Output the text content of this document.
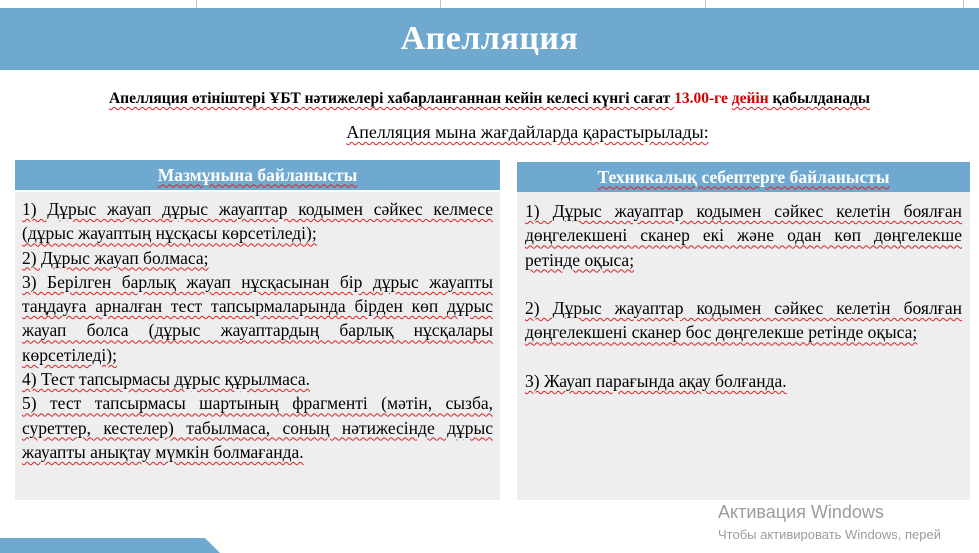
Апелляция
Апелляция өтініштері ҰБТ нәтижелері хабарланғаннан кейін келесі күнгі сағат 13.00-ге дейін қабылданады
Апелляция мына жағдайларда қарастырылады:
Мазмұнына байланысты

1) Дұрыс жауап дұрыс жауаптар кодымен сәйкес келмесе (дұрыс жауаптың нұсқасы көрсетіледі);

2) Дұрыс жауап болмаса;

3) Берілген барлық жауап нұсқасынан бір дұрыс жауапты таңдауға арналған тест тапсырмаларында бірден көп дұрыс жауап болса (дұрыс жауаптардың барлық нұсқалары көрсетіледі);

4) Тест тапсырмасы дұрыс құрылмаса.

5) тест тапсырмасы шартының фрагменті (мәтін, сызба, суреттер, кестелер) табылмаса, соның нәтижесінде дұрыс жауапты анықтау мүмкін болмағанда.

Техникалық себептерге байланысты

1) Дұрыс жауаптар кодымен сәйкес келетін боялған дөңгелекшені сканер екі және одан көп дөңгелекше ретінде оқыса;

2) Дұрыс жауаптар кодымен сәйкес келетін боялған дөңгелекшені сканер бос дөңгелекше ретінде оқыса;

3) Жауап парағында ақау болғанда.

Активация Windows
Чтобы активировать Windows, перей
